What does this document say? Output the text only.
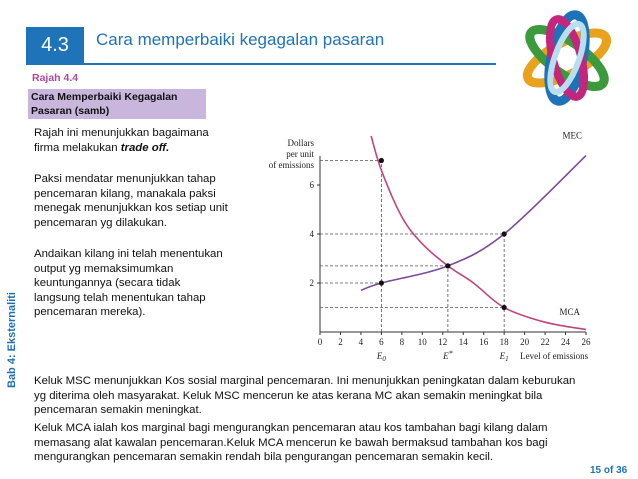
Bab 4: Eksternaliti
4.3	Cara memperbaiki kegagalan pasaran
Rajah 4.4
Cara Memperbaiki Kegagalan
Pasaran (samb)
Rajah ini menunjukkan bagaimana
firma melakukan trade off.
Paksi mendatar menunjukkan tahap
pencemaran kilang, manakala paksi
menegak menunjukkan kos setiap unit
pencemaran yg dilakukan.
Andaikan kilang ini telah menentukan
output yg memaksimumkan
keuntungannya (secara tidak
langsung telah menentukan tahap
pencemaran mereka).
Dollars
per unit
of emissions
0 2 4 6 8 10 12 14 16 18 20 22 24 26
2
4
6
MEC
MCA
$E_0$	E*	$E_1$ Level of emissions
Keluk MSC menunjukkan Kos sosial marginal pencemaran. Ini menunjukkan peningkatan dalam keburukan
yg diterima oleh masyarakat. Keluk MSC mencerun ke atas kerana MC akan semakin meningkat bila
pencemaran semakin meningkat.
Keluk MCA ialah kos marginal bagi mengurangkan pencemaran atau kos tambahan bagi kilang dalam
memasang alat kawalan pencemaran.Keluk MCA mencerun ke bawah bermaksud tambahan kos bagi
mengurangkan pencemaran semakin rendah bila pengurangan pencemaran semakin kecil.
15 of 36
